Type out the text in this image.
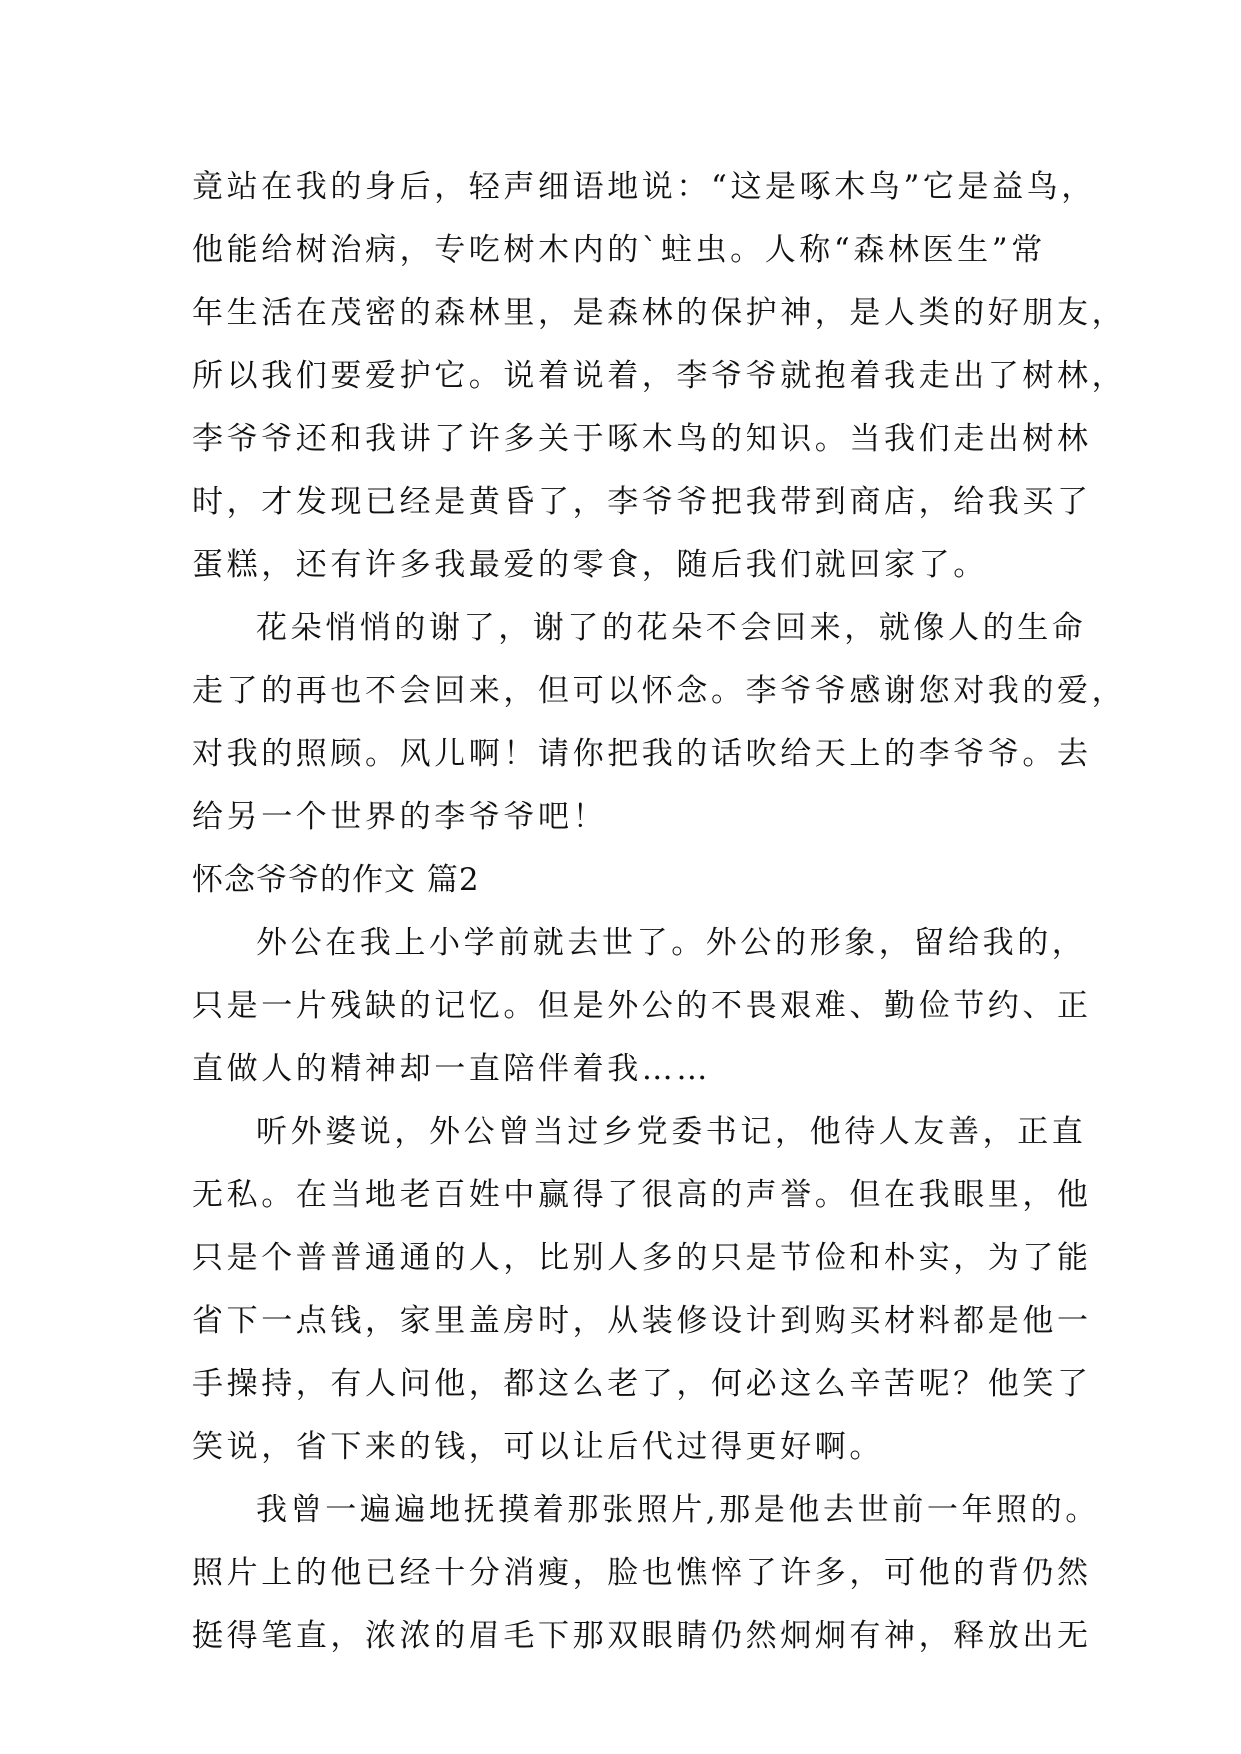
竟站在我的身后，轻声细语地说：“这是啄木鸟”它是益鸟，
他能给树治病，专吃树木内的`蛀虫。人称“森林医生”常
年生活在茂密的森林里，是森林的保护神，是人类的好朋友，
所以我们要爱护它。说着说着，李爷爷就抱着我走出了树林，
李爷爷还和我讲了许多关于啄木鸟的知识。当我们走出树林
时，才发现已经是黄昏了，李爷爷把我带到商店，给我买了
蛋糕，还有许多我最爱的零食，随后我们就回家了。
花朵悄悄的谢了，谢了的花朵不会回来，就像人的生命
走了的再也不会回来，但可以怀念。李爷爷感谢您对我的爱，
对我的照顾。风儿啊！请你把我的话吹给天上的李爷爷。去
给另一个世界的李爷爷吧！
怀念爷爷的作文 篇2
外公在我上小学前就去世了。外公的形象，留给我的，
只是一片残缺的记忆。但是外公的不畏艰难、勤俭节约、正
直做人的精神却一直陪伴着我……
听外婆说，外公曾当过乡党委书记，他待人友善，正直
无私。在当地老百姓中赢得了很高的声誉。但在我眼里，他
只是个普普通通的人，比别人多的只是节俭和朴实，为了能
省下一点钱，家里盖房时，从装修设计到购买材料都是他一
手操持，有人问他，都这么老了，何必这么辛苦呢？他笑了
笑说，省下来的钱，可以让后代过得更好啊。
我曾一遍遍地抚摸着那张照片,那是他去世前一年照的。
照片上的他已经十分消瘦，脸也憔悴了许多，可他的背仍然
挺得笔直，浓浓的眉毛下那双眼睛仍然炯炯有神，释放出无
